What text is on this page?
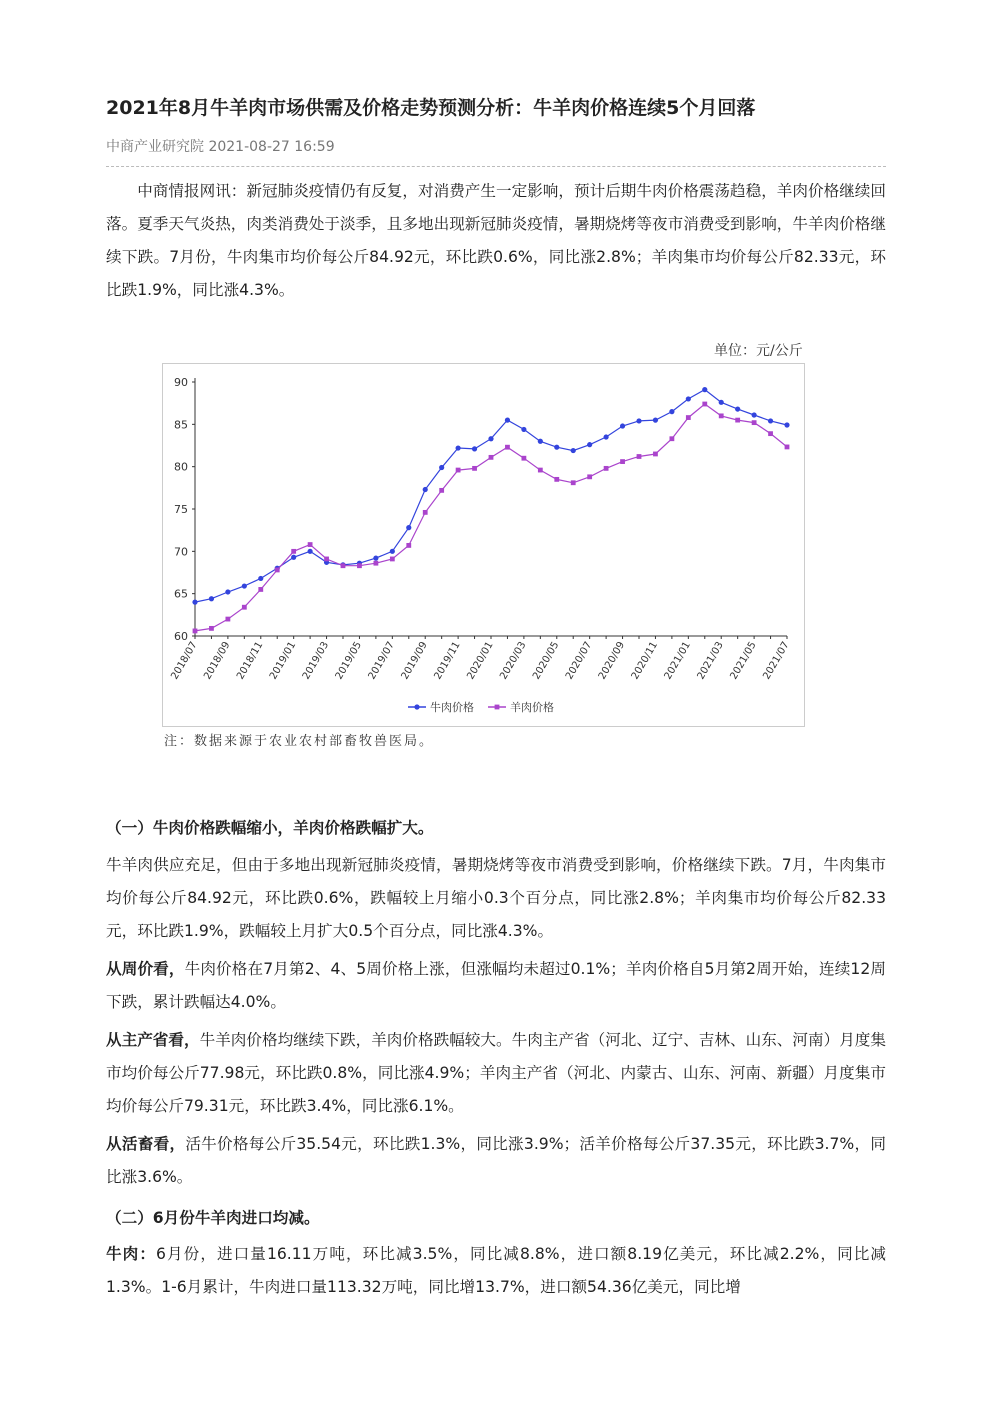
2021年8月牛羊肉市场供需及价格走势预测分析：牛羊肉价格连续5个月回落
中商产业研究院 2021-08-27 16:59

中商情报网讯：新冠肺炎疫情仍有反复，对消费产生一定影响，预计后期牛肉价格震荡趋稳，羊肉价格继续回落。夏季天气炎热，肉类消费处于淡季，且多地出现新冠肺炎疫情，暑期烧烤等夜市消费受到影响，牛羊肉价格继续下跌。7月份，牛肉集市均价每公斤84.92元，环比跌0.6%，同比涨2.8%；羊肉集市均价每公斤82.33元，环比跌1.9%，同比涨4.3%。

单位：元/公斤
60
65
70
75
80
85
90
2018/07 2018/09 2018/11 2019/01 2019/03 2019/05 2019/07 2019/09 2019/11 2020/01 2020/03 2020/05 2020/07 2020/09 2020/11 2021/01 2021/03 2021/05 2021/07
牛肉价格	羊肉价格
注：数据来源于农业农村部畜牧兽医局。

（一）牛肉价格跌幅缩小，羊肉价格跌幅扩大。

牛羊肉供应充足，但由于多地出现新冠肺炎疫情，暑期烧烤等夜市消费受到影响，价格继续下跌。7月，牛肉集市均价每公斤84.92元，环比跌0.6%，跌幅较上月缩小0.3个百分点，同比涨2.8%；羊肉集市均价每公斤82.33元，环比跌1.9%，跌幅较上月扩大0.5个百分点，同比涨4.3%。

从周价看，牛肉价格在7月第2、4、5周价格上涨，但涨幅均未超过0.1%；羊肉价格自5月第2周开始，连续12周下跌，累计跌幅达4.0%。

从主产省看，牛羊肉价格均继续下跌，羊肉价格跌幅较大。牛肉主产省（河北、辽宁、吉林、山东、河南）月度集市均价每公斤77.98元，环比跌0.8%，同比涨4.9%；羊肉主产省（河北、内蒙古、山东、河南、新疆）月度集市均价每公斤79.31元，环比跌3.4%，同比涨6.1%。

从活畜看，活牛价格每公斤35.54元，环比跌1.3%，同比涨3.9%；活羊价格每公斤37.35元，环比跌3.7%，同比涨3.6%。

（二）6月份牛羊肉进口均减。

牛肉：6月份，进口量16.11万吨，环比减3.5%，同比减8.8%，进口额8.19亿美元，环比减2.2%，同比减1.3%。1-6月累计，牛肉进口量113.32万吨，同比增13.7%，进口额54.36亿美元，同比增
